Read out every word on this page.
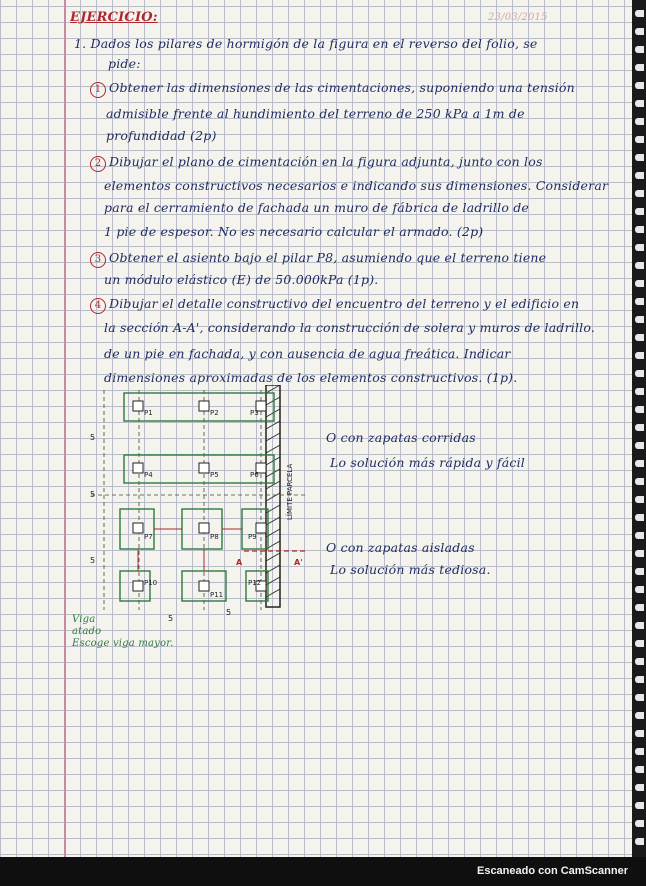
EJERCICIO:	23/03/2015
1. Dados los pilares de hormigón de la figura en el reverso del folio, se
pide:
1 Obtener las dimensiones de las cimentaciones, suponiendo una tensión
admisible frente al hundimiento del terreno de 250 kPa a 1m de
profundidad (2p)
2 Dibujar el plano de cimentación en la figura adjunta, junto con los
elementos constructivos necesarios e indicando sus dimensiones. Considerar
para el cerramiento de fachada un muro de fábrica de ladrillo de
1 pie de espesor. No es necesario calcular el armado. (2p)
3 Obtener el asiento bajo el pilar P8, asumiendo que el terreno tiene
un módulo elástico (E) de 50.000kPa (1p).
4 Dibujar el detalle constructivo del encuentro del terreno y el edificio en
la sección A-A', considerando la construcción de solera y muros de ladrillo.
de un pie en fachada, y con ausencia de agua freática. Indicar
dimensiones aproximadas de los elementos constructivos. (1p).
P1	P2	P3
P4	P5	P6
P7	P8	P9
P10
P11
P12
5
5
5
5
5
A	A'
LÍMITE PARCELA
O con zapatas corridas
Lo solución más rápida y fácil
O con zapatas aisladas
Lo solución más tediosa.
Viga
atado
Escoge viga mayor.
Escaneado con CamScanner
